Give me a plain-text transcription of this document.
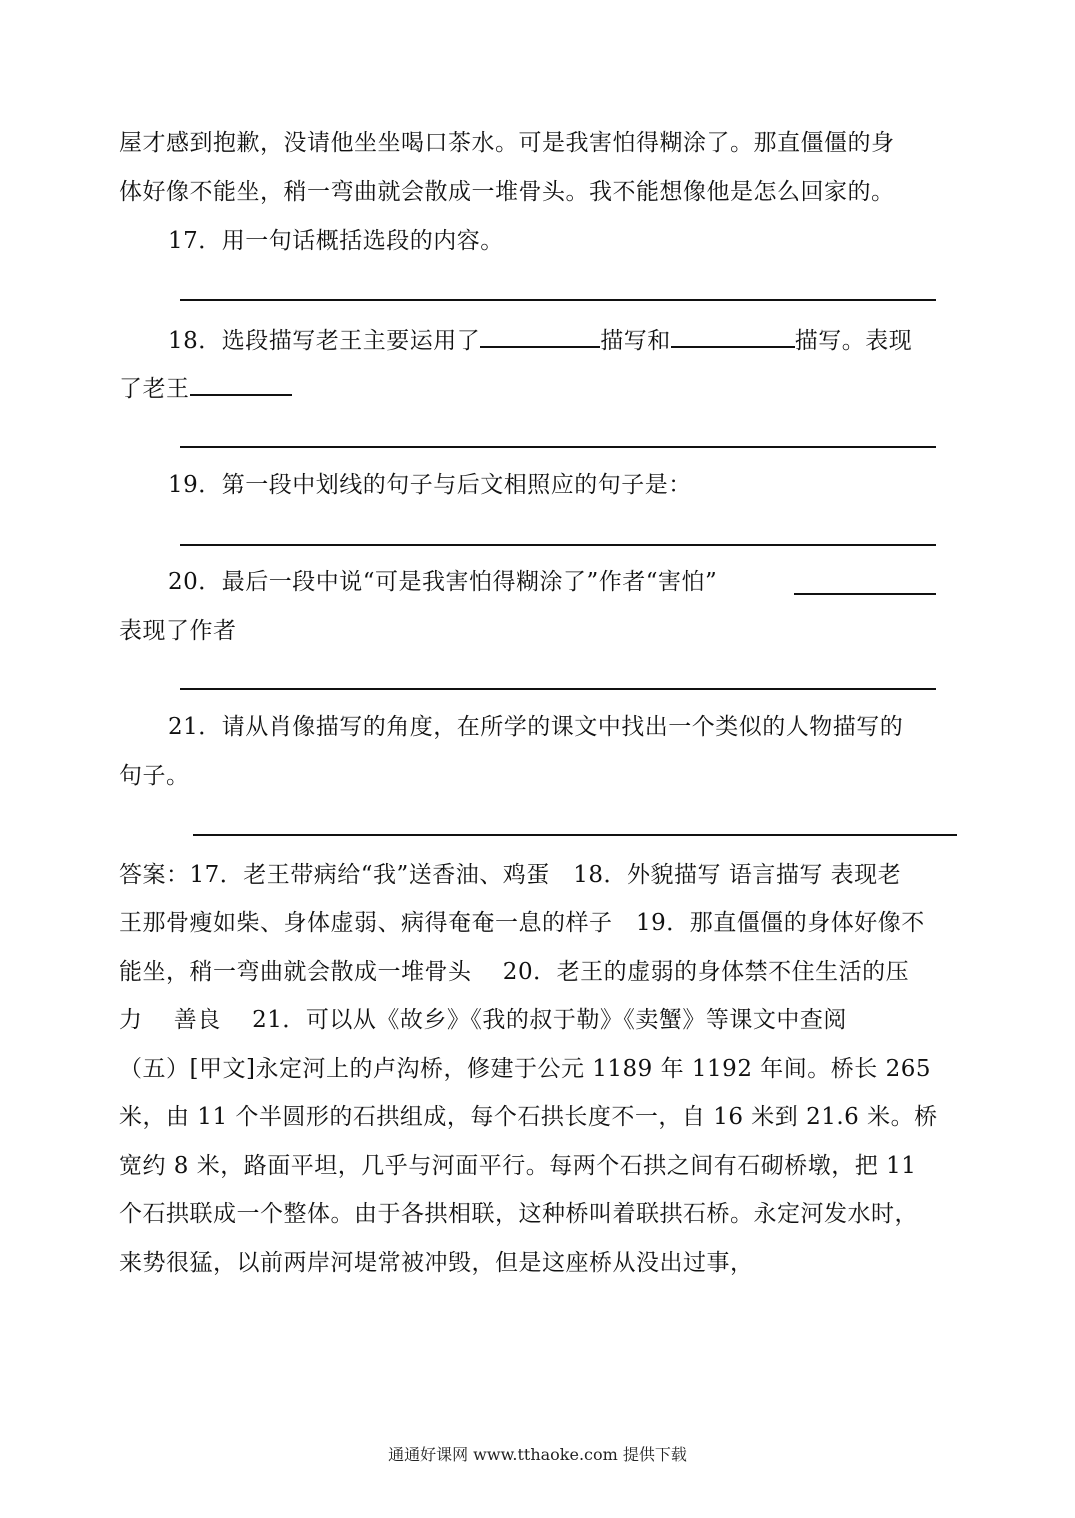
屋才感到抱歉，没请他坐坐喝口茶水。可是我害怕得糊涂了。那直僵僵的身
体好像不能坐，稍一弯曲就会散成一堆骨头。我不能想像他是怎么回家的。
17．用一句话概括选段的内容。
18．选段描写老王主要运用了	描写和	描写。表现
了老王
19．第一段中划线的句子与后文相照应的句子是：
20．最后一段中说“可是我害怕得糊涂了”作者“害怕”
表现了作者
21．请从肖像描写的角度，在所学的课文中找出一个类似的人物描写的
句子。
答案：17．老王带病给“我”送香油、鸡蛋　18．外貌描写 语言描写 表现老
王那骨瘦如柴、身体虚弱、病得奄奄一息的样子　19．那直僵僵的身体好像不
能坐，稍一弯曲就会散成一堆骨头　 20．老王的虚弱的身体禁不住生活的压
力　 善良　 21．可以从《故乡》《我的叔于勒》《卖蟹》等课文中查阅
（五）[甲文]永定河上的卢沟桥，修建于公元 1189 年 1192 年间。桥长 265
米，由 11 个半圆形的石拱组成，每个石拱长度不一，自 16 米到 21.6 米。桥
宽约 8 米，路面平坦，几乎与河面平行。每两个石拱之间有石砌桥墩，把 11
个石拱联成一个整体。由于各拱相联，这种桥叫着联拱石桥。永定河发水时，
来势很猛，以前两岸河堤常被冲毁，但是这座桥从没出过事，
通通好课网 www.tthaoke.com 提供下载
